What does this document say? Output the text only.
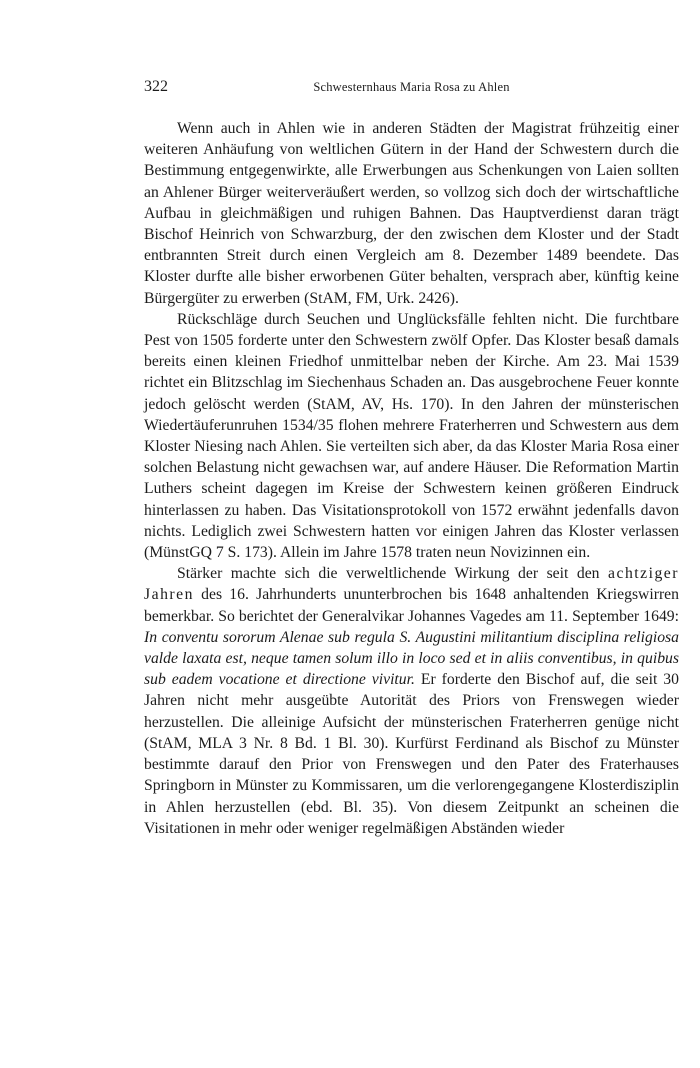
322	Schwesternhaus Maria Rosa zu Ahlen

Wenn auch in Ahlen wie in anderen Städten der Magistrat frühzeitig einer weiteren Anhäufung von weltlichen Gütern in der Hand der Schwestern durch die Bestimmung entgegenwirkte, alle Erwerbungen aus Schenkungen von Laien sollten an Ahlener Bürger weiterveräußert werden, so vollzog sich doch der wirtschaftliche Aufbau in gleichmäßigen und ruhigen Bahnen. Das Hauptverdienst daran trägt Bischof Heinrich von Schwarzburg, der den zwischen dem Kloster und der Stadt entbrannten Streit durch einen Vergleich am 8. Dezember 1489 beendete. Das Kloster durfte alle bisher erworbenen Güter behalten, versprach aber, künftig keine Bürgergüter zu erwerben (StAM, FM, Urk. 2426).

Rückschläge durch Seuchen und Unglücksfälle fehlten nicht. Die furchtbare Pest von 1505 forderte unter den Schwestern zwölf Opfer. Das Kloster besaß damals bereits einen kleinen Friedhof unmittelbar neben der Kirche. Am 23. Mai 1539 richtet ein Blitzschlag im Siechenhaus Schaden an. Das ausgebrochene Feuer konnte jedoch gelöscht werden (StAM, AV, Hs. 170). In den Jahren der münsterischen Wiedertäuferunruhen 1534/35 flohen mehrere Fraterherren und Schwestern aus dem Kloster Niesing nach Ahlen. Sie verteilten sich aber, da das Kloster Maria Rosa einer solchen Belastung nicht gewachsen war, auf andere Häuser. Die Reformation Martin Luthers scheint dagegen im Kreise der Schwestern keinen größeren Eindruck hinterlassen zu haben. Das Visitationsprotokoll von 1572 erwähnt jedenfalls davon nichts. Lediglich zwei Schwestern hatten vor einigen Jahren das Kloster verlassen (MünstGQ 7 S. 173). Allein im Jahre 1578 traten neun Novizinnen ein.

Stärker machte sich die verweltlichende Wirkung der seit den achtziger Jahren des 16. Jahrhunderts ununterbrochen bis 1648 anhaltenden Kriegswirren bemerkbar. So berichtet der Generalvikar Johannes Vagedes am 11. September 1649: In conventu sororum Alenae sub regula S. Augustini militantium disciplina religiosa valde laxata est, neque tamen solum illo in loco sed et in aliis conventibus, in quibus sub eadem vocatione et directione vivitur. Er forderte den Bischof auf, die seit 30 Jahren nicht mehr ausgeübte Autorität des Priors von Frenswegen wieder herzustellen. Die alleinige Aufsicht der münsterischen Fraterherren genüge nicht (StAM, MLA 3 Nr. 8 Bd. 1 Bl. 30). Kurfürst Ferdinand als Bischof zu Münster bestimmte darauf den Prior von Frenswegen und den Pater des Fraterhauses Springborn in Münster zu Kommissaren, um die verlorengegangene Klosterdisziplin in Ahlen herzustellen (ebd. Bl. 35). Von diesem Zeitpunkt an scheinen die Visitationen in mehr oder weniger regelmäßigen Abständen wieder
